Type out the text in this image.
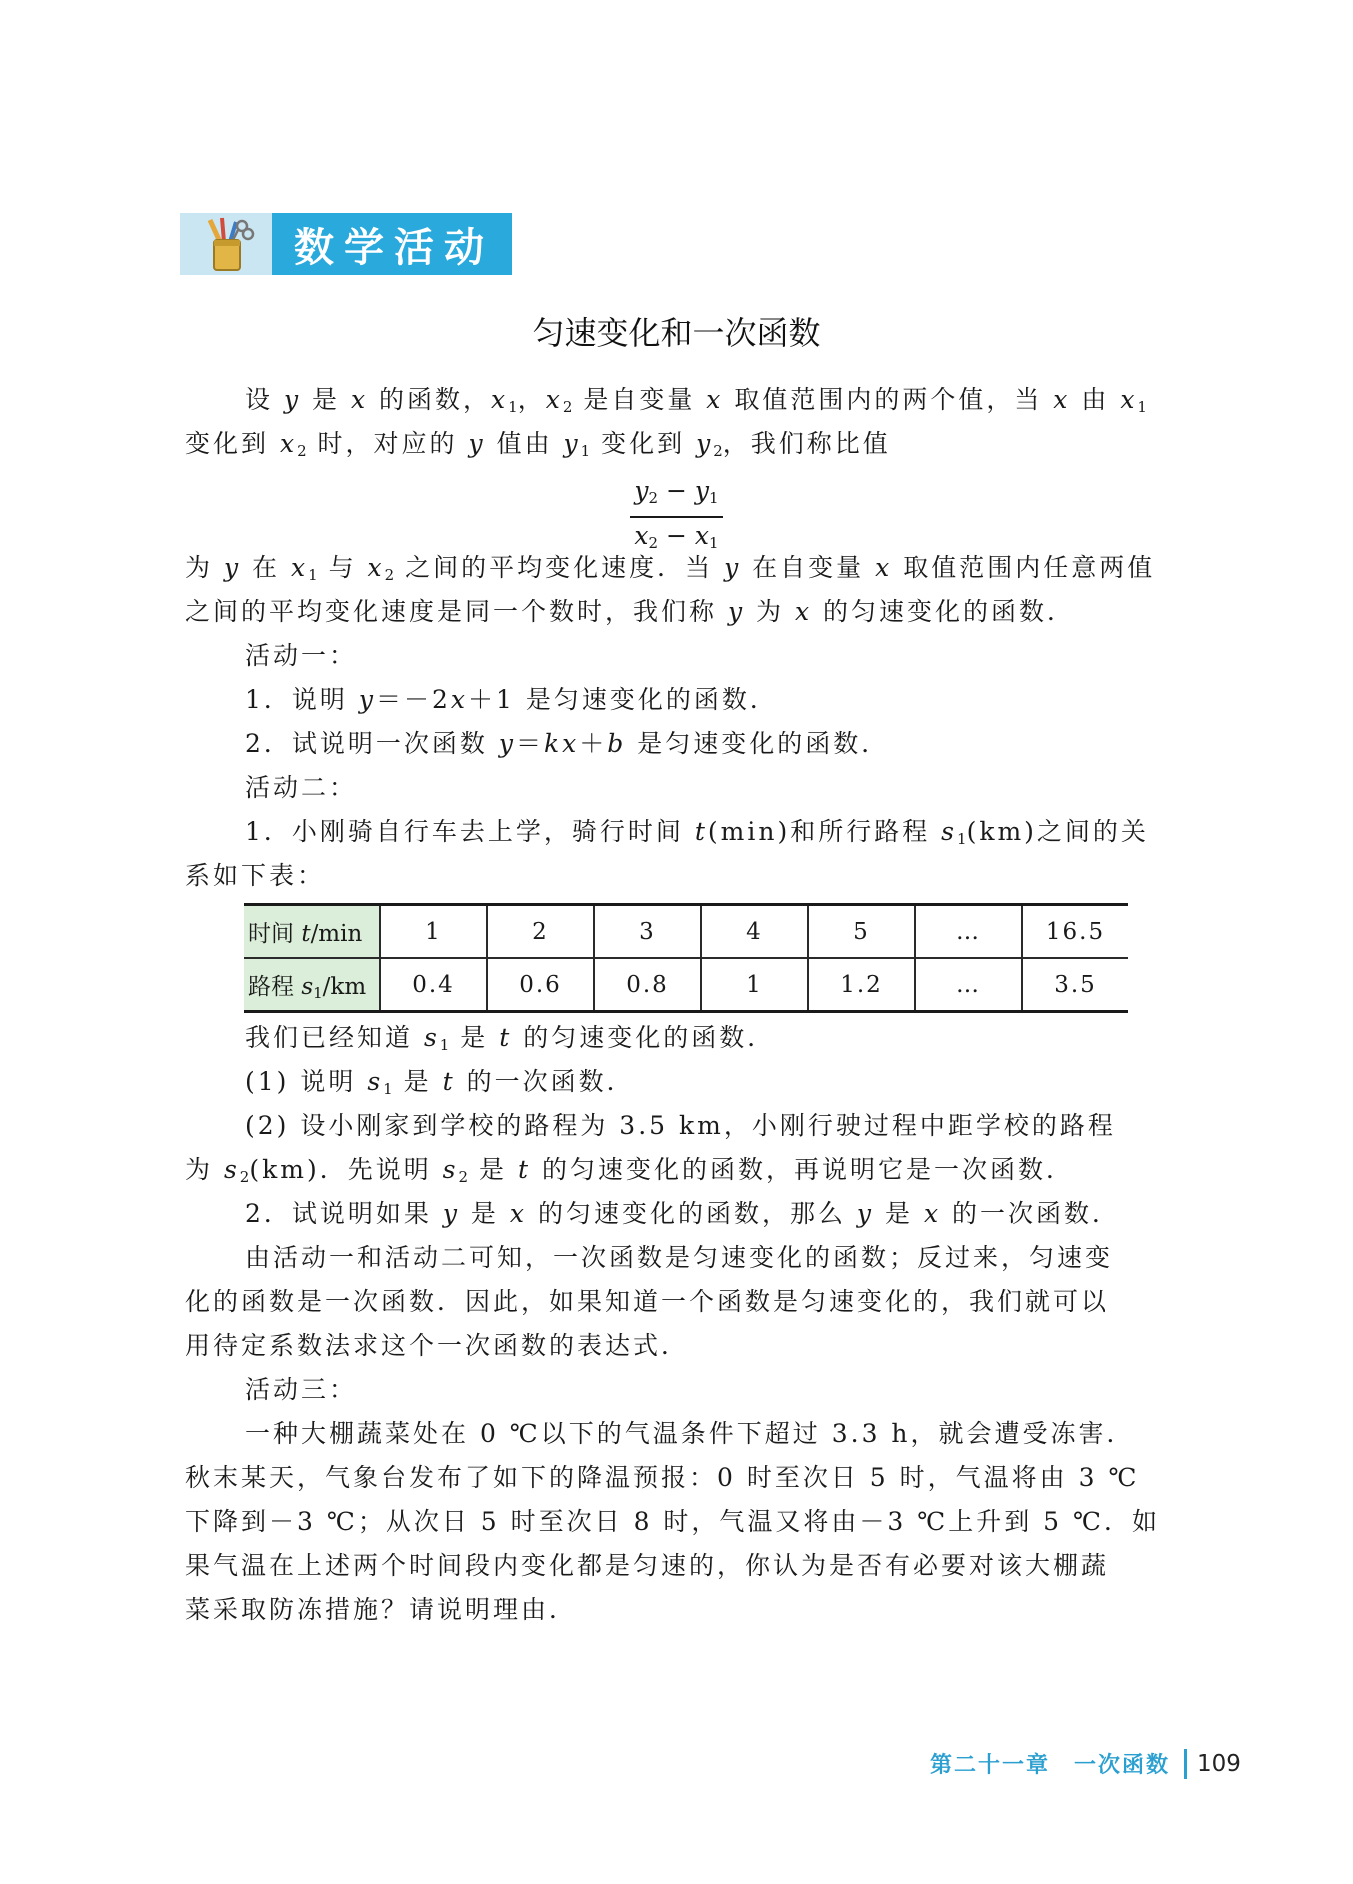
数学活动
匀速变化和一次函数
设 y 是 x 的函数，$x_1$，$x_2$ 是自变量 x 取值范围内的两个值，当 x 由 $x_1$
变化到 $x_2$ 时，对应的 y 值由 $y_1$ 变化到 $y_2$，我们称比值
$\frac{y_2 - y_1}{x_2 - x_1}$
为 y 在 $x_1$ 与 $x_2$ 之间的平均变化速度．当 y 在自变量 x 取值范围内任意两值
之间的平均变化速度是同一个数时，我们称 y 为 x 的匀速变化的函数．
活动一：
1．说明 y＝－2x＋1 是匀速变化的函数．
2．试说明一次函数 y＝kx＋b 是匀速变化的函数．
活动二：
1．小刚骑自行车去上学，骑行时间 t(min)和所行路程 $s_1(km)$之间的关
系如下表：
时间 t/min	1	2	3	4	5	…	16.5
路程 $s_1/km$	0.4	0.6	0.8	1	1.2	…	3.5
我们已经知道 $s_1$ 是 t 的匀速变化的函数．
(1) 说明 $s_1$ 是 t 的一次函数．
(2) 设小刚家到学校的路程为 3.5 km，小刚行驶过程中距学校的路程
为 $s_2(km)$．先说明 $s_2$ 是 t 的匀速变化的函数，再说明它是一次函数．
2．试说明如果 y 是 x 的匀速变化的函数，那么 y 是 x 的一次函数．
由活动一和活动二可知，一次函数是匀速变化的函数；反过来，匀速变
化的函数是一次函数．因此，如果知道一个函数是匀速变化的，我们就可以
用待定系数法求这个一次函数的表达式．
活动三：
一种大棚蔬菜处在 0 ℃以下的气温条件下超过 3.3 h，就会遭受冻害．
秋末某天，气象台发布了如下的降温预报：0 时至次日 5 时，气温将由 3 ℃
下降到－3 ℃；从次日 5 时至次日 8 时，气温又将由－3 ℃上升到 5 ℃．如
果气温在上述两个时间段内变化都是匀速的，你认为是否有必要对该大棚蔬
菜采取防冻措施？请说明理由．
第二十一章　一次函数 109
